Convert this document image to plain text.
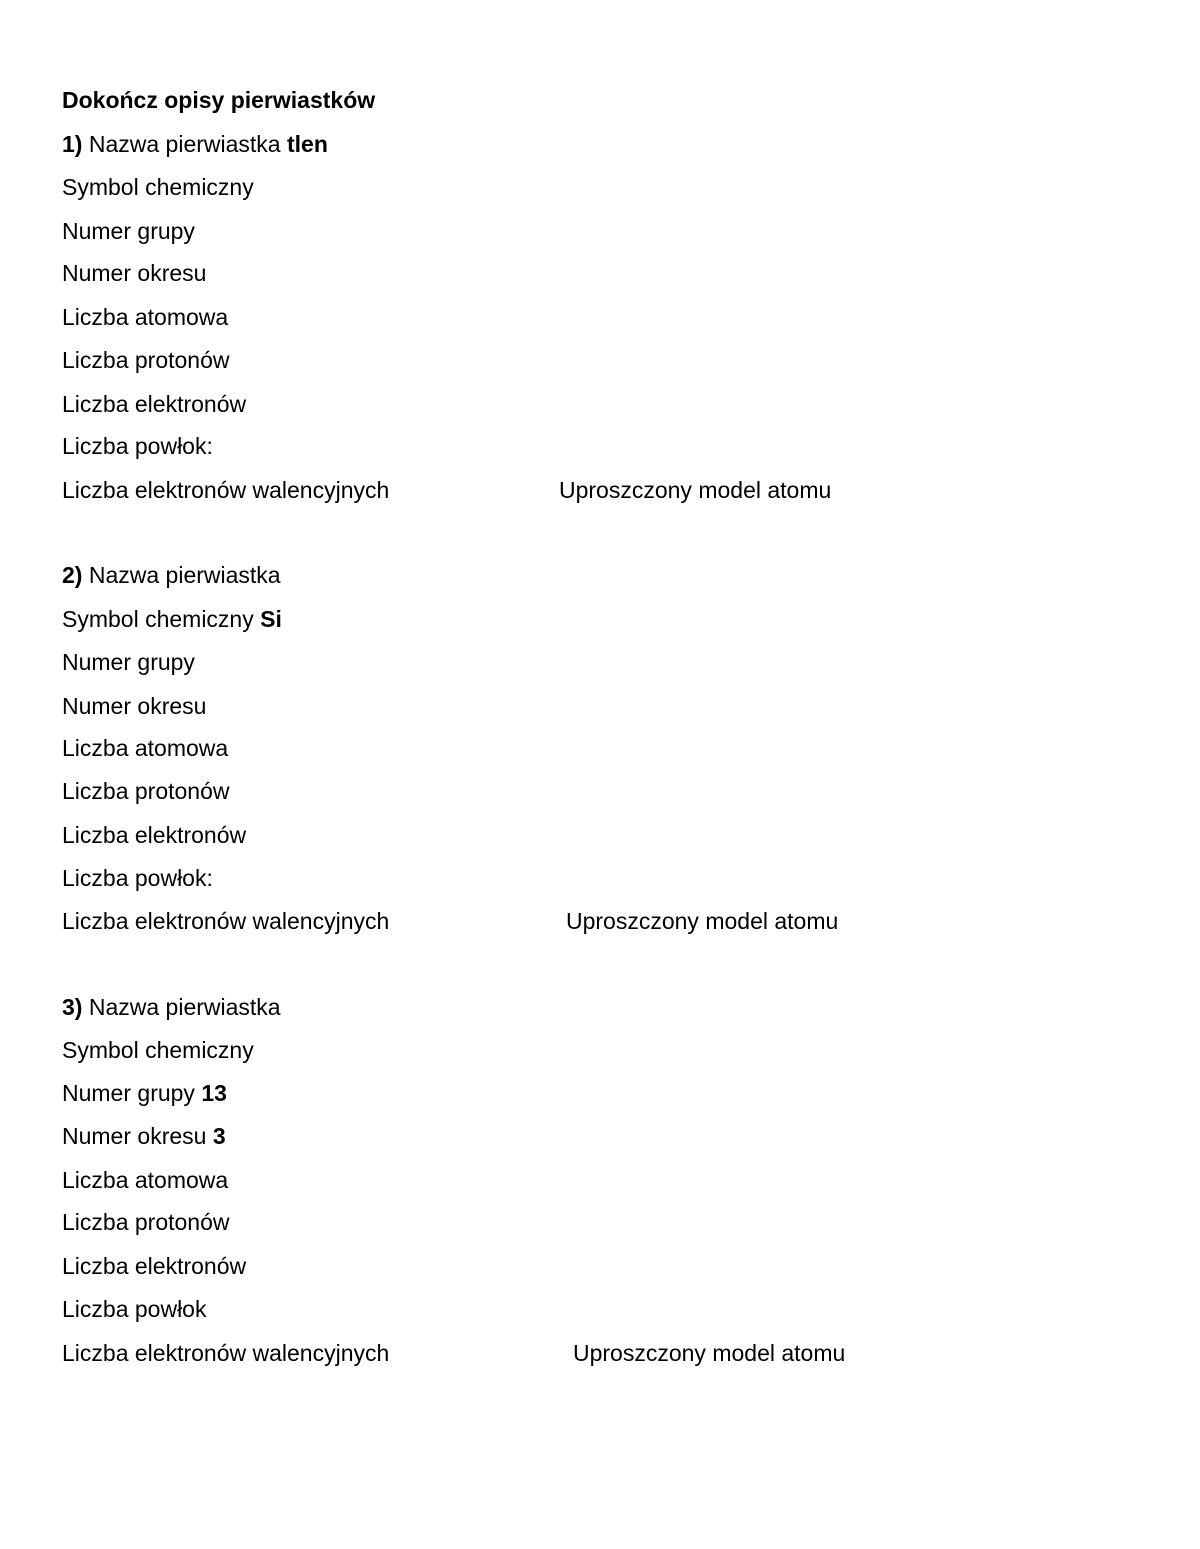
Dokończ opisy pierwiastków
1) Nazwa pierwiastka tlen
Symbol chemiczny
Numer grupy
Numer okresu
Liczba atomowa
Liczba protonów
Liczba elektronów
Liczba powłok:
Liczba elektronów walencyjnych	Uproszczony model atomu
2) Nazwa pierwiastka
Symbol chemiczny Si
Numer grupy
Numer okresu
Liczba atomowa
Liczba protonów
Liczba elektronów
Liczba powłok:
Liczba elektronów walencyjnych	Uproszczony model atomu
3) Nazwa pierwiastka
Symbol chemiczny
Numer grupy 13
Numer okresu 3
Liczba atomowa
Liczba protonów
Liczba elektronów
Liczba powłok
Liczba elektronów walencyjnych	Uproszczony model atomu
